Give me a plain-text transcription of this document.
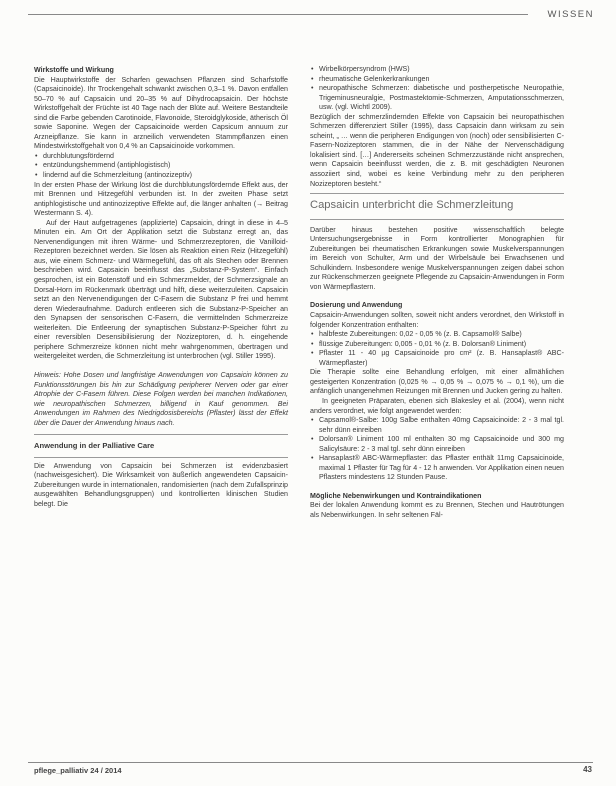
WISSEN
Wirkstoffe und Wirkung

Die Hauptwirkstoffe der Scharfen gewachsen Pflanzen sind Scharfstoffe (Capsaicinoide). Ihr Trockengehalt schwankt zwischen 0,3–1 %. Davon entfallen 50–70 % auf Capsaicin und 20–35 % auf Dihydrocapsaicin. Der höchste Wirkstoffgehalt der Früchte ist 40 Tage nach der Blüte auf. Weitere Bestandteile sind die Farbe gebenden Carotinoide, Flavonoide, Steroidglykoside, ätherisch Öl sowie Saponine. Wegen der Capsaicinoide werden Capsicum annuum zur Arzneipflanze. Sie kann in arzneilich verwendeten Stammpflanzen einen Mindestwirkstoffgehalt von 0,4 % an Capsaicinoide vorkommen.

• durchblutungsfördernd
• entzündungshemmend (antiphlogistisch)
• lindernd auf die Schmerzleitung (antinozizeptiv)

In der ersten Phase der Wirkung löst die durchblutungsfördernde Effekt aus, der mit Brennen und Hitzegefühl verbunden ist. In der zweiten Phase setzt antiphlogistische und antinozizeptive Effekte auf, die länger anhalten (→ Beitrag Westermann S. 4).

Auf der Haut aufgetragenes (applizierte) Capsaicin, dringt in diese in 4–5 Minuten ein. Am Ort der Applikation setzt die Substanz erregt an, das Nervenendigungen mit ihren Wärme- und Schmerzrezeptoren, die Vanilloid-Rezeptoren bezeichnet werden. Sie lösen als Reaktion einen Reiz (Hitzegefühl) aus, wie einem Schmerz- und Wärmegefühl, das oft als Stechen oder Brennen beschrieben wird. Capsaicin beeinflusst das „Substanz-P-System“. Einfach gesprochen, ist ein Botenstoff und ein Schmerzmelder, der Schmerzsignale an Dorsal-Horn im Rückenmark überträgt und hilft, diese weiterzuleiten. Capsaicin setzt an den Nervenendigungen der C-Fasern die Substanz P frei und hemmt deren Wiederaufnahme. Dadurch entleeren sich die Substanz-P-Speicher an den Synapsen der sensorischen C-Fasern, die vermittelnden Schmerzreize weiterleiten. Die Entleerung der synaptischen Substanz-P-Speicher führt zu einer reversiblen Desensibilisierung der Nozizeptoren, d. h. eingehende periphere Schmerzreize können nicht mehr wahrgenommen, übertragen und weitergeleitet werden, die Schmerzleitung ist unterbrochen (vgl. Stiller 1995).

Hinweis: Hohe Dosen und langfristige Anwendungen von Capsaicin können zu Funktionsstörungen bis hin zur Schädigung peripherer Nerven oder gar einer Atrophie der C-Fasern führen. Diese Folgen werden bei manchen Indikationen, wie neuropathischen Schmerzen, billigend in Kauf genommen. Bei Anwendungen im Rahmen des Niedrigdosisbereichs (Pflaster) lässt der Effekt über die Dauer der Anwendung hinaus nach.

Anwendung in der Palliative Care

Die Anwendung von Capsaicin bei Schmerzen ist evidenzbasiert (nachweisgesichert). Die Wirksamkeit von äußerlich angewendeten Capsaicin-Zubereitungen wurde in internationalen, randomisierten (nach dem Zufallsprinzip ausgewählten Behandlungsgruppen) und kontrollierten klinischen Studien belegt. Die

• Wirbelkörpersyndrom (HWS)
• rheumatische Gelenkerkrankungen
• neuropathische Schmerzen: diabetische und postherpetische Neuropathie, Trigeminusneuralgie, Postmastektomie-Schmerzen, Amputationsschmerzen, usw. (vgl. Wichtl 2009).

Bezüglich der schmerzlindernden Effekte von Capsaicin bei neuropathischen Schmerzen differenziert Stiller (1995), dass Capsaicin dann wirksam zu sein scheint, „ … wenn die peripheren Endigungen von (noch) oder sensibilisierten C-Fasern-Nozizeptoren stammen, die in der Nähe der Nervenschädigung lokalisiert sind. […] Andererseits scheinen Schmerzzustände nicht ansprechen, wenn Capsaicin beeinflusst werden, die z. B. mit geschädigten Neuronen assoziiert sind, wobei es keine Verbindung mehr zu den peripheren Nozizeptoren besteht.“

Capsaicin unterbricht die Schmerzleitung

Darüber hinaus bestehen positive wissenschaftlich belegte Untersuchungsergebnisse in Form kontrollierter Monographien für Zubereitungen bei rheumatischen Erkrankungen sowie Muskelverspannungen im Bereich von Schulter, Arm und der Wirbelsäule bei Erwachsenen und Schulkindern. Insbesondere wenige Muskelverspannungen zeigen dabei schon zur Rückenschmerzen geeignete Pflegende zu Capsaicin-Anwendungen in Form von Wärmepflastern.

Dosierung und Anwendung

Capsaicin-Anwendungen sollten, soweit nicht anders verordnet, den Wirkstoff in folgender Konzentration enthalten:

• halbfeste Zubereitungen: 0,02 - 0,05 % (z. B. Capsamol® Salbe)
• flüssige Zubereitungen: 0,005 - 0,01 % (z. B. Dolorsan® Liniment)
• Pflaster 11 - 40 µg Capsaicinoide pro cm² (z. B. Hansaplast® ABC-Wärmepflaster)

Die Therapie sollte eine Behandlung erfolgen, mit einer allmählichen gesteigerten Konzentration (0,025 % → 0,05 % → 0,075 % → 0,1 %), um die anfänglich unangenehmen Reizungen mit Brennen und Jucken gering zu halten.

In geeigneten Präparaten, ebenen sich Blakesley et al. (2004), wenn nicht anders verordnet, wie folgt angewendet werden:

• Capsamol®-Salbe: 100g Salbe enthalten 40mg Capsaicinoide: 2 - 3 mal tgl. sehr dünn einreiben
• Dolorsan® Liniment 100 ml enthalten 30 mg Capsaicinoide und 300 mg Salicylsäure: 2 - 3 mal tgl. sehr dünn einreiben
• Hansaplast® ABC-Wärmepflaster: das Pflaster enthält 11mg Capsaicinoide, maximal 1 Pflaster für Tag für 4 - 12 h anwenden. Vor Applikation einen neuen Pflasters mindestens 12 Stunden Pause.
Mögliche Nebenwirkungen und Kontraindikationen

Bei der lokalen Anwendung kommt es zu Brennen, Stechen und Hautrötungen als Nebenwirkungen. In sehr seltenen Fäl-

pflege_palliativ 24 / 2014	43
